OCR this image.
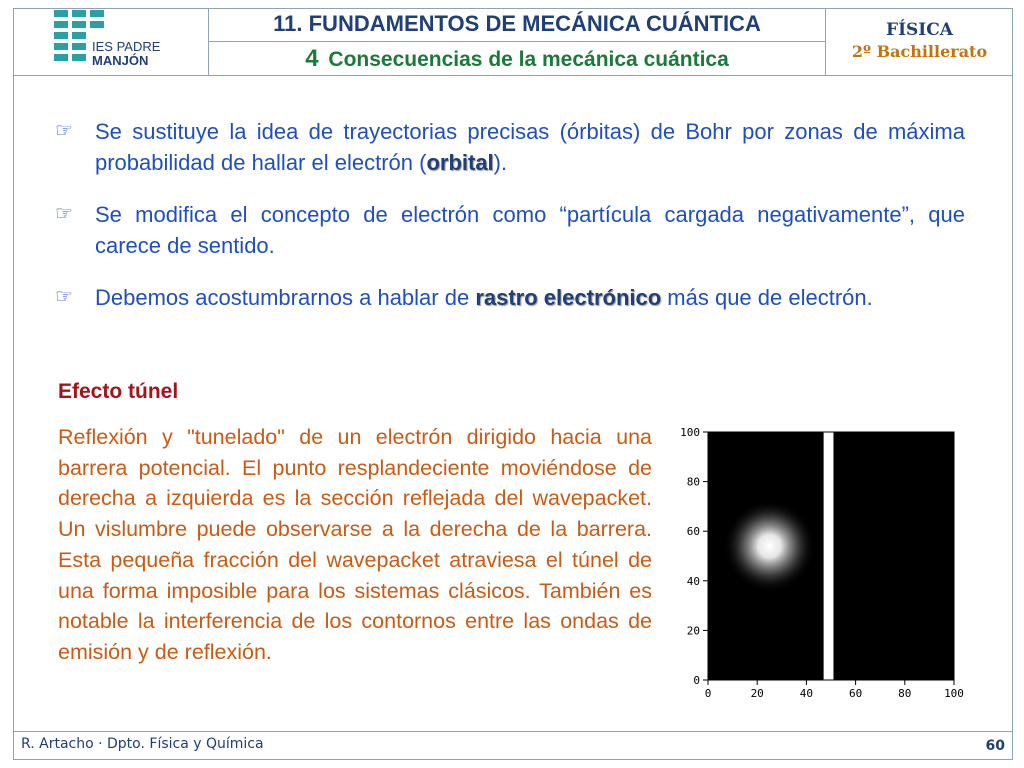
IES PADRE
MANJÓN
11. FUNDAMENTOS DE MECÁNICA CUÁNTICA
4 Consecuencias de la mecánica cuántica
FÍSICA
2º Bachillerato
☞ Se sustituye la idea de trayectorias precisas (órbitas) de Bohr por zonas de máxima probabilidad de hallar el electrón (orbital).
☞ Se modifica el concepto de electrón como “partícula cargada negativamente”, que carece de sentido.
☞ Debemos acostumbrarnos a hablar de rastro electrónico más que de electrón.
Efecto túnel
Reflexión y "tunelado" de un electrón dirigido hacia una barrera potencial. El punto resplandeciente moviéndose de derecha a izquierda es la sección reflejada del wavepacket. Un vislumbre puede observarse a la derecha de la barrera. Esta pequeña fracción del wavepacket atraviesa el túnel de una forma imposible para los sistemas clásicos. También es notable la interferencia de los contornos entre las ondas de emisión y de reflexión.
0	20	40	60	80	100
0
20
40
60
80
100
R. Artacho · Dpto. Física y Química	60
